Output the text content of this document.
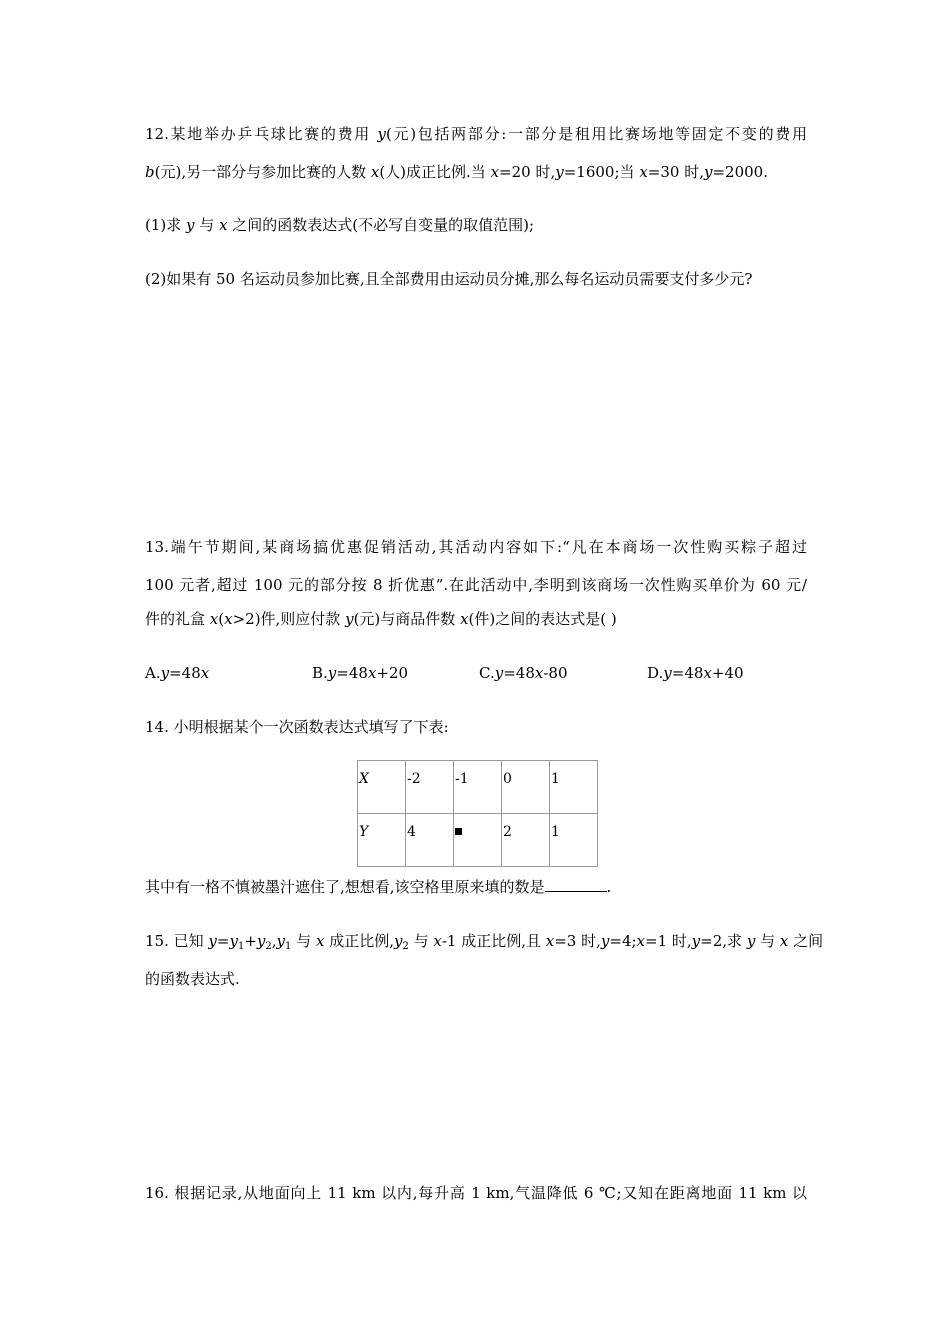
12.某地举办乒乓球比赛的费用 y(元)包括两部分:一部分是租用比赛场地等固定不变的费用
b(元),另一部分与参加比赛的人数 x(人)成正比例.当 x=20 时,y=1600;当 x=30 时,y=2000.
(1)求 y 与 x 之间的函数表达式(不必写自变量的取值范围);
(2)如果有 50 名运动员参加比赛,且全部费用由运动员分摊,那么每名运动员需要支付多少元?
13.端午节期间,某商场搞优惠促销活动,其活动内容如下:“凡在本商场一次性购买粽子超过
100 元者,超过 100 元的部分按 8 折优惠”.在此活动中,李明到该商场一次性购买单价为 60 元/
件的礼盒 x(x>2)件,则应付款 y(元)与商品件数 x(件)之间的表达式是( )
A.y=48x	B.y=48x+20	C.y=48x-80	D.y=48x+40
14. 小明根据某个一次函数表达式填写了下表:
X	-2	-1	0	1
Y	4		2	1
其中有一格不慎被墨汁遮住了,想想看,该空格里原来填的数是	.
15. 已知 $y=y_1+y_2,y_1$ 与 x 成正比例$,y_2$ 与 x-1 成正比例,且 x=3 时,y=4;x=1 时,y=2,求 y 与 x 之间
的函数表达式.
16. 根据记录,从地面向上 11 km 以内,每升高 1 km,气温降低 6 ℃;又知在距离地面 11 km 以
